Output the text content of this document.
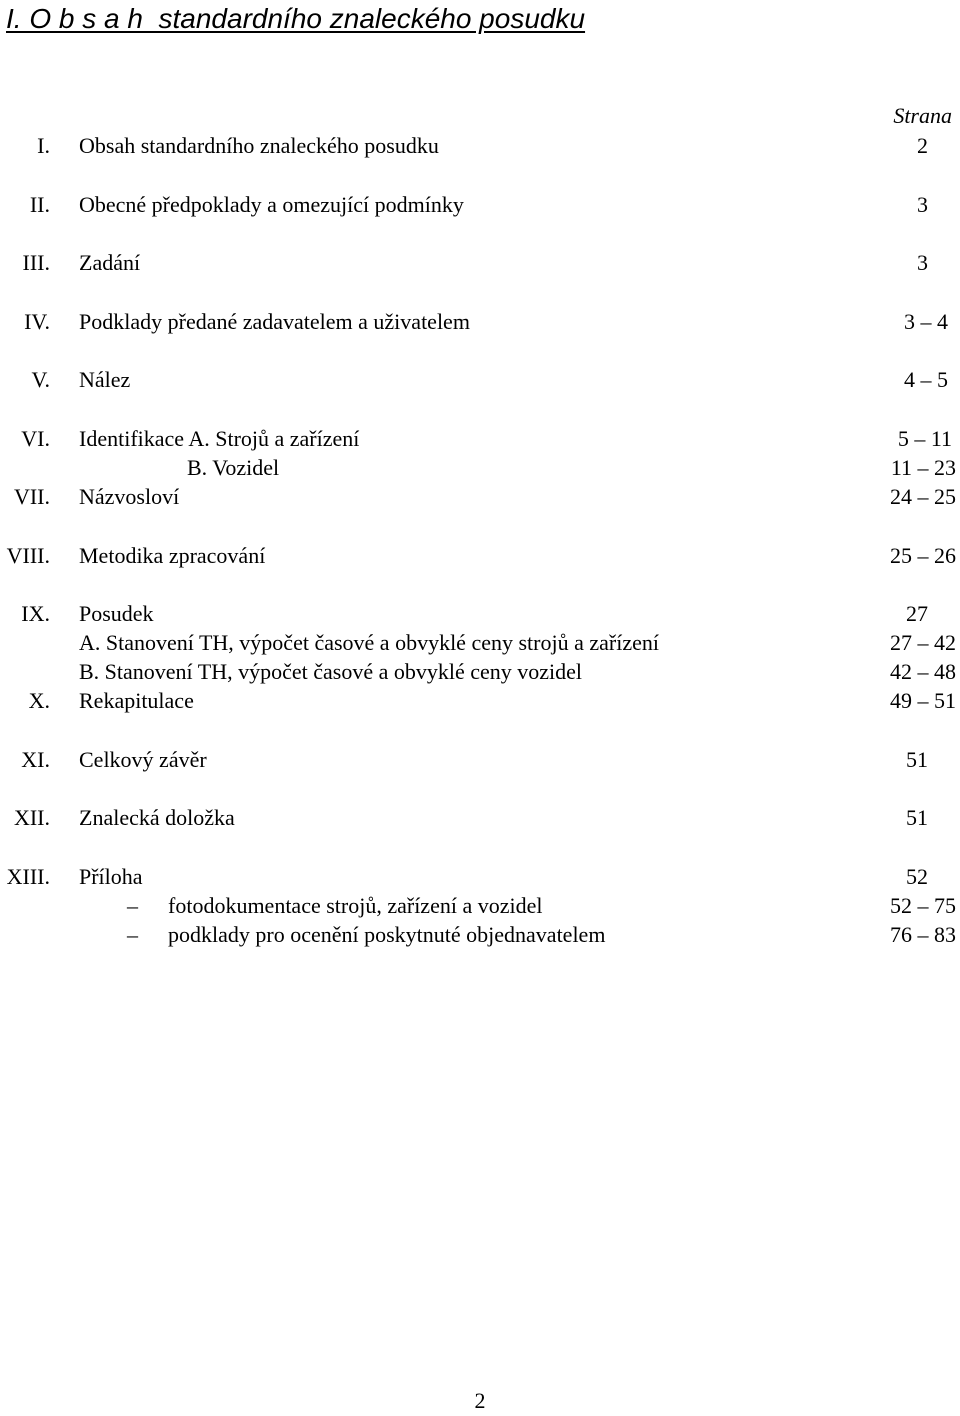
I. O b s a h  standardního znaleckého posudku
Strana
I. Obsah standardního znaleckého posudku	2
II. Obecné předpoklady a omezující podmínky	3
III. Zadání	3
IV. Podklady předané zadavatelem a uživatelem	3 – 4
V. Nález	4 – 5
VI. Identifikace A. Strojů a zařízení	5 – 11
B. Vozidel	11 – 23
VII. Názvosloví	24 – 25
VIII. Metodika zpracování	25 – 26
IX. Posudek	27
A. Stanovení TH, výpočet časové a obvyklé ceny strojů a zařízení	27 – 42
B. Stanovení TH, výpočet časové a obvyklé ceny vozidel	42 – 48
X. Rekapitulace	49 – 51
XI. Celkový závěr	51
XII. Znalecká doložka	51
XIII. Příloha	52
– fotodokumentace strojů, zařízení a vozidel	52 – 75
– podklady pro ocenění poskytnuté objednavatelem	76 – 83
2
